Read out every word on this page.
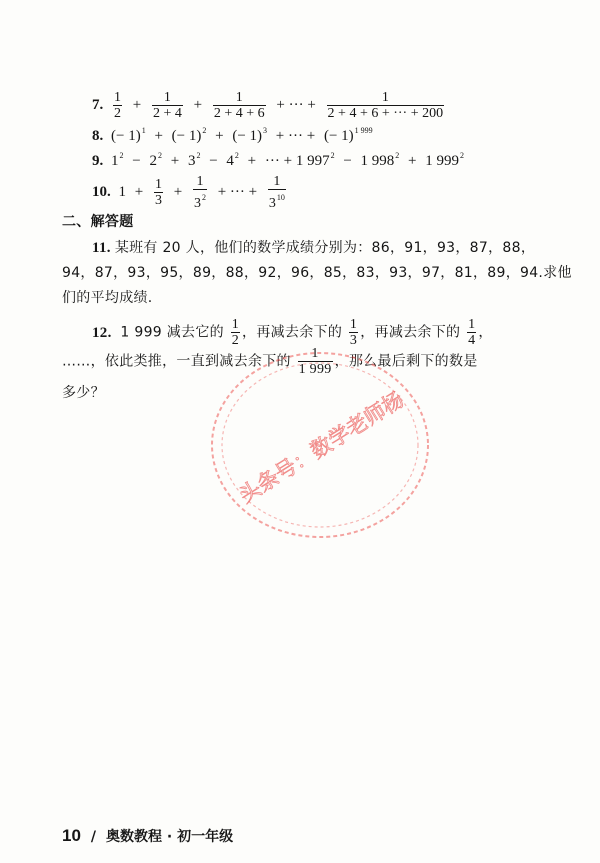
7. $\frac{1}{2} + \frac{1}{2 + 4} + \frac{1}{2 + 4 + 6}$ + ··· + $\frac{1}{2 + 4 + 6 + \cdot\cdot\cdot + 200}$
8. (− 1)$^1$ + (− 1)$^2$ + (− 1)$^3$ + ··· + (− 1)$^{1 999}$
9. $1^2 - 2^2 + 3^2 - 4^2$ + ··· + 1 $997^2 - 1$ $998^2 + 1$ $999^2$
10. $1 + \frac{1}{3} + \frac{1}{3^2}$ + ··· + $\frac{1}{3^{10}}$
二、解答题
11. 某班有 20 人，他们的数学成绩分别为：86，91，93，87，88，
94，87，93，95，89，88，92，96，85，83，93，97，81，89，94.求他
们的平均成绩.
12. 1 999 减去它的 $\frac{1}{2}$ ，再减去余下的 $\frac{1}{3}$ ，再减去余下的 $\frac{1}{4}$ ，
……，依此类推，一直到减去余下的 $\frac{1}{1 999}$ ，那么最后剩下的数是
多少？	头条号：数学老师杨
10 / 奥数教程 · 初一年级
